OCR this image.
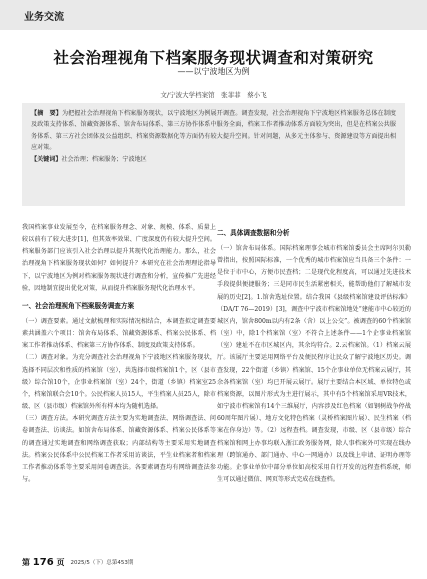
业务交流
社会治理视角下档案服务现状调查和对策研究
——以宁波地区为例
文/宁波大学档案馆　张菲菲　蔡小飞

【摘　要】为把握社会治理视角下档案服务现状，以宁波地区为例展开调查。调查发现，社会治理视角下宁波地区档案服务总体在制度及政策支持体系、馆藏资源体系、馆舍布局体系、第三方协作体系中服务全面，档案工作者推动体系方面较为突出，但是在档案公共服务体系、第三方社会团体及公益组织、档案资源数据化等方面仍有较大提升空间。针对问题，从多元主体参与、资源建设等方面提出相应对策。

【关键词】社会治理；档案服务；宁波地区

我国档案事业发展至今，在档案服务理念、对象、规模、体系、质量上较以前有了较大进步[1]，但其效率效果、广度深度仍有较大提升空间。档案服务部门应该引入社会治理以提升其现代化治理能力。那么，社会治理视角下档案服务现状如何？如何提升？本研究在社会治理理论指导下，以宁波地区为例对档案服务现状进行调查和分析，宣传推广先进经验，因地制宜提出优化对策，从而提升档案服务现代化治理水平。

一、社会治理视角下档案服务调查方案

（一）调查要素。通过文献梳理和实际情况相结合，本调查拟定调查要素共涵盖六个项目：馆舍布局体系、馆藏资源体系、档案公民体系、档案工作者推动体系、档案第三方协作体系、制度及政策支持体系。

（二）调查对象。为充分调查社会治理视角下宁波地区档案服务现状，选择不同层次和性质的档案馆（室），共选择市级档案馆1个，区（县市级）综合馆10个，企事业档案馆（室）24个，街道（乡镇）档案室25个，档案馆联合会10个。公民档案人员15人，平生档案人员25人，除市级、区（县市级）档案馆外所有样本均为随机选择。

（三）调查方法。本研究调查方法主要为实地调查法、网络调查法、问卷调查法、访谈法。如馆舍布局体系、馆藏资源体系、档案公民体系等的调查通过实地调查和网络调查获取；内部结构等主要采用实地调查法。档案公民体系中公民档案工作者采用访谈法，平生业档案者和档案工作者推动体系等主要采用问卷调查法。各要素调查均有网络调查法参与。

二、具体调查数据和分析

（一）馆舍布局体系。国际档案理事会城市档案馆委员会主席阿尔贝勒曾指出，按照国际标准，一个优秀的城市档案馆应当具备三个条件：一是位于市中心，方便市民查档；二是现代化程度高，可以通过先进技术手段提供便捷服务；三是同市民生活紧密相关，能帮助他们了解城市发展的历史[2]。1.馆舍选址位置。结合我国《县级档案馆建设评估标准》（DA/T 76—2019）[3]，调查中宁波市档案馆地处“建能市中心较近的城区内，馆舍800m以内有2条（含）以上公交”。被调查的60个档案馆（室）中，除1个档案馆（室）不符合上述条件——1个企事业档案馆（室）建址不在市区城区内，其余均符合。2.云档案馆。（1）档案云展厅。该展厅主要运用网络平台及便民程序让民众了解宁波地区历史。调查发现，22个街道（乡镇）档案馆、15个企事业单位无档案云展厅，其余各档案馆（室）均已开展云展厅。展厅主要结合本区域、单位特色或档案资源，以图片形式为主进行展示，其中有5个档案馆采用VR技术，如宁波市档案馆有14个三维展厅，内容涉及红色档案（如钢树战争停战60周年图片展）、地方文化特色档案（灵桥档案图片展）、民生档案（档案在你身边）等。（2）远程查档。调查发现，市级、区（县市级）综合档案馆和网上办事均联入浙江政务服务网，除人事档案外可实现在线办理（跨馆通办、部门通办、中心一网通办）以及线上申请、证明办理等功能。企事业单位中部分单位如高校采用自行开发的远程查档系统，师生可以通过微信、网页等形式完成在线查档。

第 176 页 2025/5（下）总第453期
